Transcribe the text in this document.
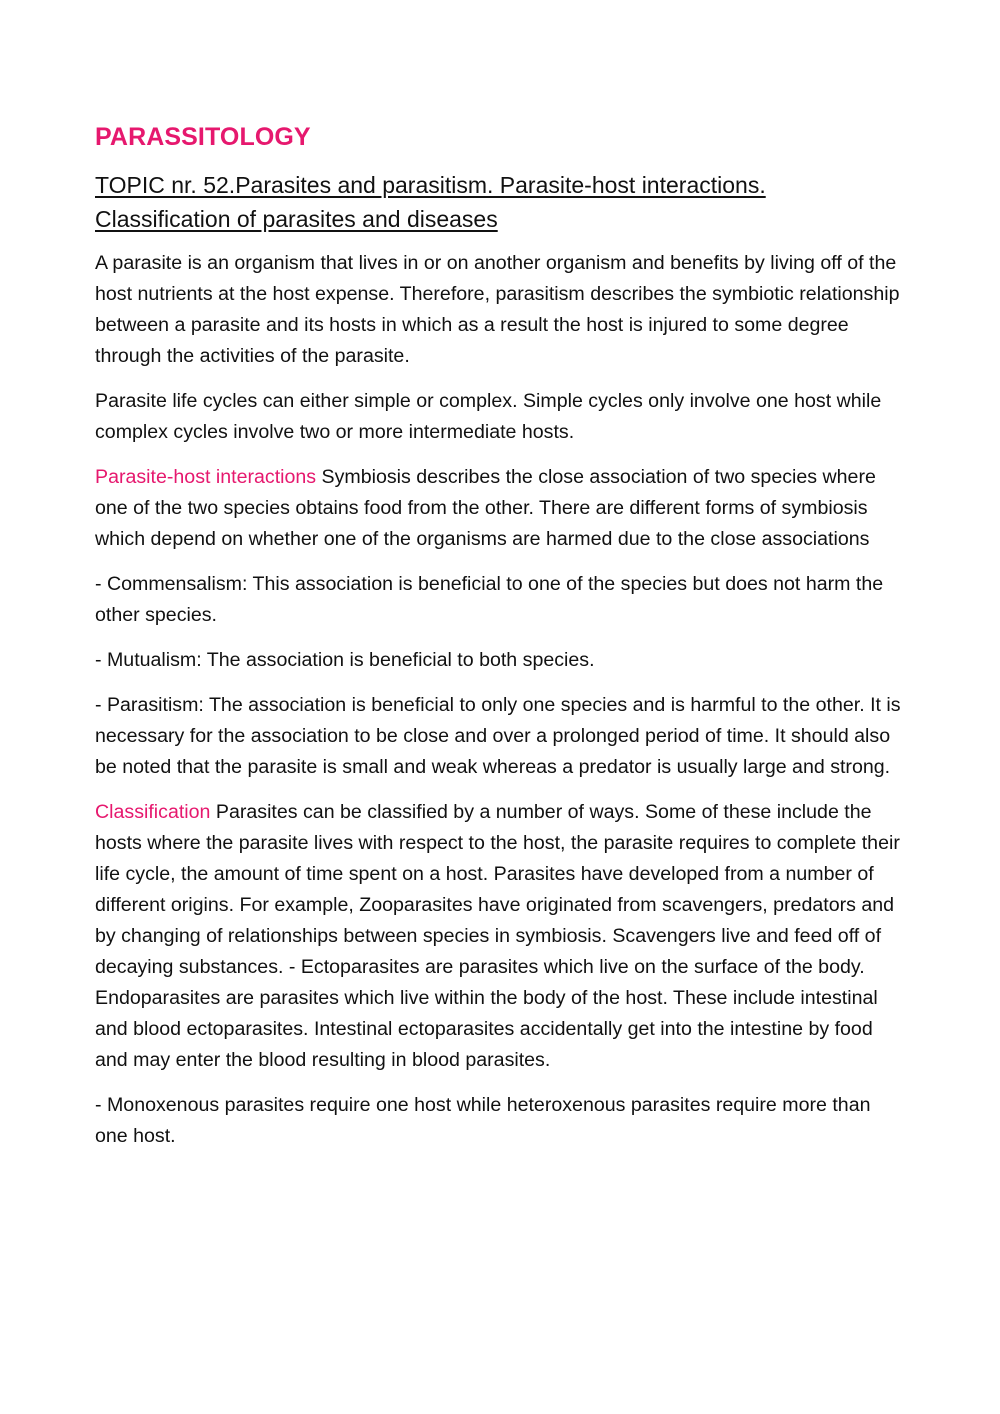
PARASSITOLOGY
TOPIC nr. 52.Parasites and parasitism. Parasite-host interactions.
Classification of parasites and diseases

A parasite is an organism that lives in or on another organism and benefits by living off of the host nutrients at the host expense. Therefore, parasitism describes the symbiotic relationship between a parasite and its hosts in which as a result the host is injured to some degree through the activities of the parasite.

Parasite life cycles can either simple or complex. Simple cycles only involve one host while complex cycles involve two or more intermediate hosts.

Parasite-host interactions Symbiosis describes the close association of two species where one of the two species obtains food from the other. There are different forms of symbiosis which depend on whether one of the organisms are harmed due to the close associations

- Commensalism: This association is beneficial to one of the species but does not harm the other species.

- Mutualism: The association is beneficial to both species.

- Parasitism: The association is beneficial to only one species and is harmful to the other. It is necessary for the association to be close and over a prolonged period of time. It should also be noted that the parasite is small and weak whereas a predator is usually large and strong.

Classification Parasites can be classified by a number of ways. Some of these include the hosts where the parasite lives with respect to the host, the parasite requires to complete their life cycle, the amount of time spent on a host. Parasites have developed from a number of different origins. For example, Zooparasites have originated from scavengers, predators and by changing of relationships between species in symbiosis. Scavengers live and feed off of decaying substances. - Ectoparasites are parasites which live on the surface of the body. Endoparasites are parasites which live within the body of the host. These include intestinal and blood ectoparasites. Intestinal ectoparasites accidentally get into the intestine by food and may enter the blood resulting in blood parasites.

- Monoxenous parasites require one host while heteroxenous parasites require more than one host.
